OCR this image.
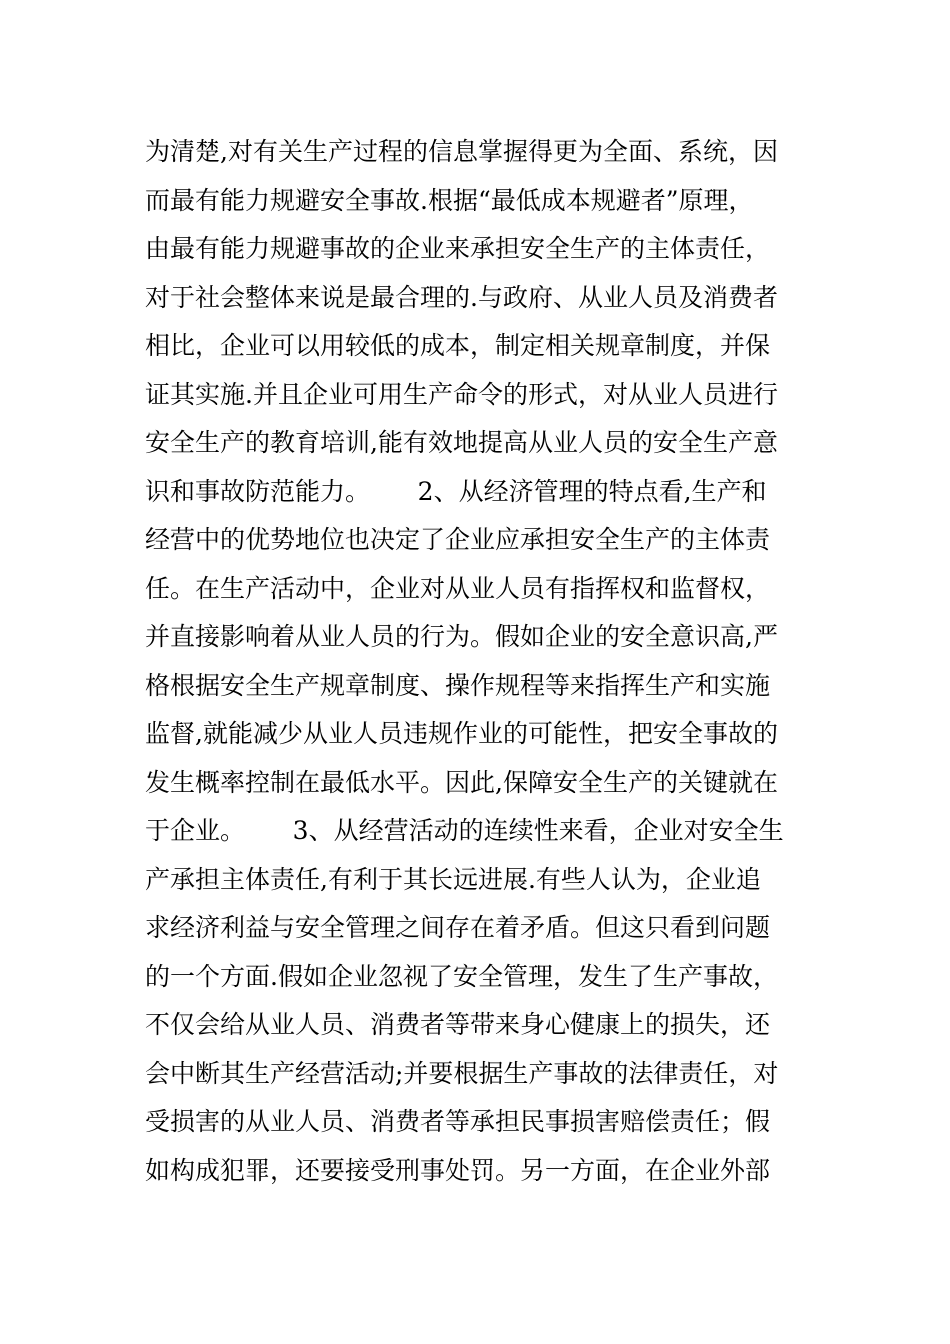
为清楚,对有关生产过程的信息掌握得更为全面、系统，因
而最有能力规避安全事故.根据“最低成本规避者”原理，
由最有能力规避事故的企业来承担安全生产的主体责任，
对于社会整体来说是最合理的.与政府、从业人员及消费者
相比，企业可以用较低的成本，制定相关规章制度，并保
证其实施.并且企业可用生产命令的形式，对从业人员进行
安全生产的教育培训,能有效地提高从业人员的安全生产意
识和事故防范能力。      2、从经济管理的特点看,生产和
经营中的优势地位也决定了企业应承担安全生产的主体责
任。在生产活动中，企业对从业人员有指挥权和监督权，
并直接影响着从业人员的行为。假如企业的安全意识高,严
格根据安全生产规章制度、操作规程等来指挥生产和实施
监督,就能减少从业人员违规作业的可能性，把安全事故的
发生概率控制在最低水平。因此,保障安全生产的关键就在
于企业。      3、从经营活动的连续性来看，企业对安全生
产承担主体责任,有利于其长远进展.有些人认为，企业追
求经济利益与安全管理之间存在着矛盾。但这只看到问题
的一个方面.假如企业忽视了安全管理，发生了生产事故，
不仅会给从业人员、消费者等带来身心健康上的损失，还
会中断其生产经营活动;并要根据生产事故的法律责任，对
受损害的从业人员、消费者等承担民事损害赔偿责任；假
如构成犯罪，还要接受刑事处罚。另一方面，在企业外部
